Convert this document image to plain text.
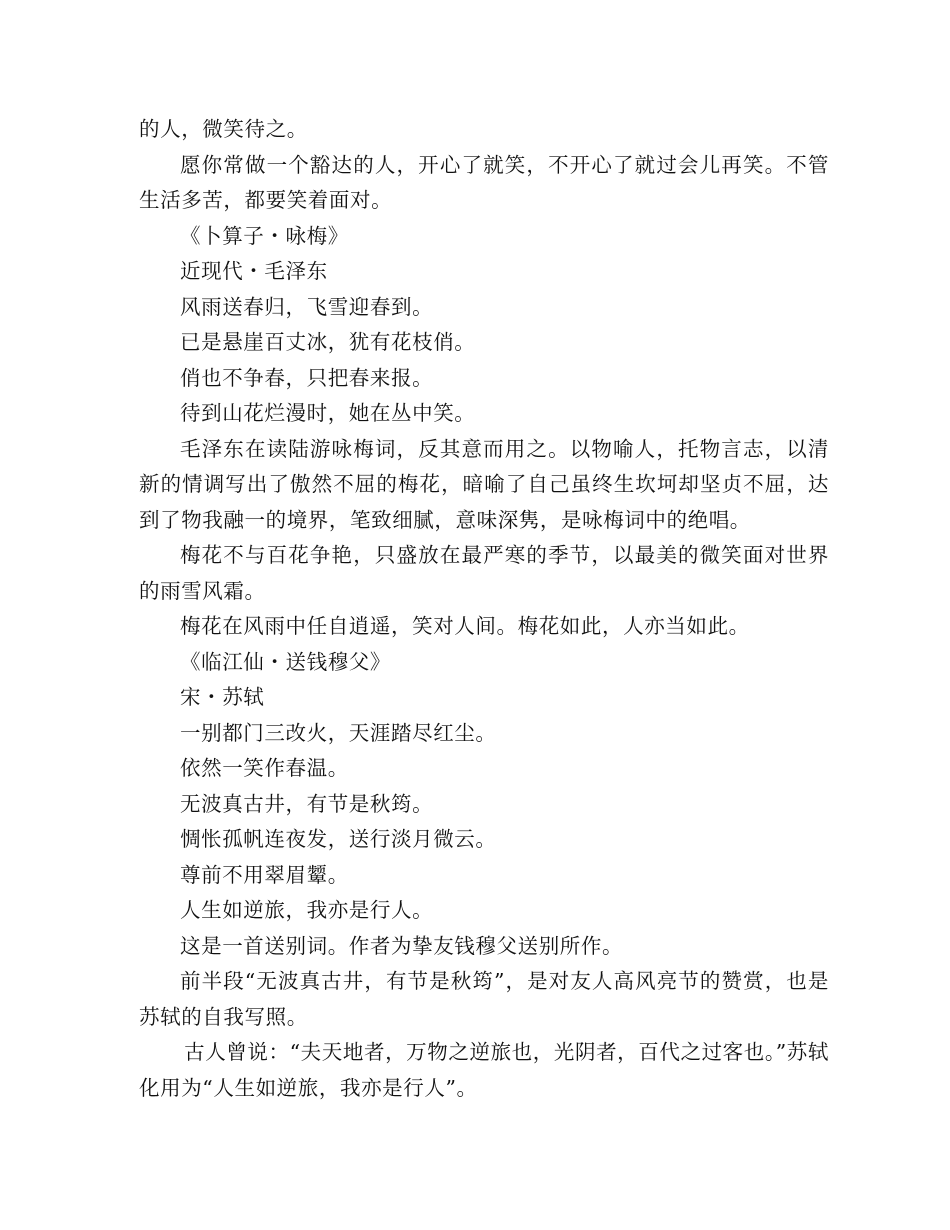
的人，微笑待之。

愿你常做一个豁达的人，开心了就笑，不开心了就过会儿再笑。不管生活多苦，都要笑着面对。

《卜算子・咏梅》

近现代・毛泽东

风雨送春归，飞雪迎春到。

已是悬崖百丈冰，犹有花枝俏。

俏也不争春，只把春来报。

待到山花烂漫时，她在丛中笑。

毛泽东在读陆游咏梅词，反其意而用之。以物喻人，托物言志，以清新的情调写出了傲然不屈的梅花，暗喻了自己虽终生坎坷却坚贞不屈，达到了物我融一的境界，笔致细腻，意味深隽，是咏梅词中的绝唱。

梅花不与百花争艳，只盛放在最严寒的季节，以最美的微笑面对世界的雨雪风霜。

梅花在风雨中任自逍遥，笑对人间。梅花如此，人亦当如此。

《临江仙・送钱穆父》

宋・苏轼

一别都门三改火，天涯踏尽红尘。

依然一笑作春温。

无波真古井，有节是秋筠。

惆怅孤帆连夜发，送行淡月微云。

尊前不用翠眉颦。

人生如逆旅，我亦是行人。

这是一首送别词。作者为挚友钱穆父送别所作。

前半段“无波真古井，有节是秋筠”，是对友人高风亮节的赞赏，也是苏轼的自我写照。

古人曾说：“夫天地者，万物之逆旅也，光阴者，百代之过客也。”苏轼化用为“人生如逆旅，我亦是行人”。
